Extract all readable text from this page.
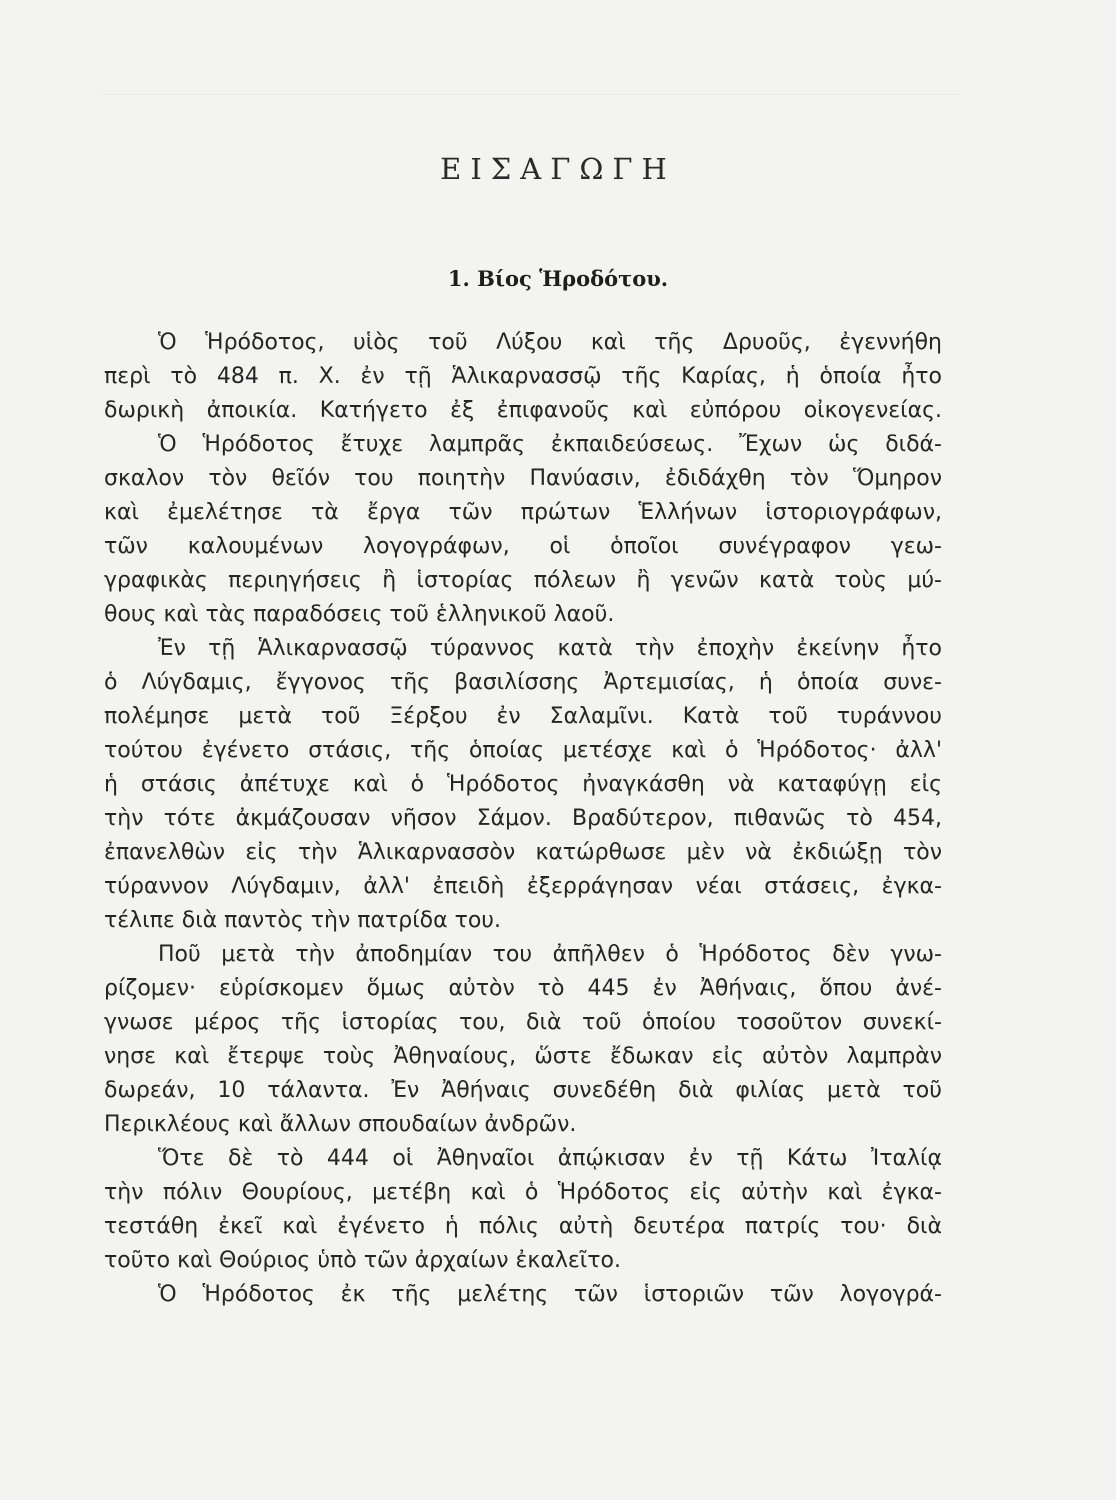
ΕΙΣΑΓΩΓΗ
1. Βίος Ἡροδότου.
Ὁ Ἡρόδοτος, υἱὸς τοῦ Λύξου καὶ τῆς Δρυοῦς, ἐγεννήθη
περὶ τὸ 484 π. Χ. ἐν τῇ Ἁλικαρνασσῷ τῆς Καρίας, ἡ ὁποία ἦτο
δωρικὴ ἀποικία. Κατήγετο ἐξ ἐπιφανοῦς καὶ εὐπόρου οἰκογενείας.
Ὁ Ἡρόδοτος ἔτυχε λαμπρᾶς ἐκπαιδεύσεως. Ἔχων ὡς διδά-
σκαλον τὸν θεῖόν του ποιητὴν Πανύασιν, ἐδιδάχθη τὸν Ὅμηρον
καὶ ἐμελέτησε τὰ ἔργα τῶν πρώτων Ἑλλήνων ἱστοριογράφων,
τῶν καλουμένων λογογράφων, οἱ ὁποῖοι συνέγραφον γεω-
γραφικὰς περιηγήσεις ἢ ἱστορίας πόλεων ἢ γενῶν κατὰ τοὺς μύ-
θους καὶ τὰς παραδόσεις τοῦ ἑλληνικοῦ λαοῦ.
Ἐν τῇ Ἁλικαρνασσῷ τύραννος κατὰ τὴν ἐποχὴν ἐκείνην ἦτο
ὁ Λύγδαμις, ἔγγονος τῆς βασιλίσσης Ἀρτεμισίας, ἡ ὁποία συνε-
πολέμησε μετὰ τοῦ Ξέρξου ἐν Σαλαμῖνι. Κατὰ τοῦ τυράννου
τούτου ἐγένετο στάσις, τῆς ὁποίας μετέσχε καὶ ὁ Ἡρόδοτος· ἀλλ'
ἡ στάσις ἀπέτυχε καὶ ὁ Ἡρόδοτος ἠναγκάσθη νὰ καταφύγῃ εἰς
τὴν τότε ἀκμάζουσαν νῆσον Σάμον. Βραδύτερον, πιθανῶς τὸ 454,
ἐπανελθὼν εἰς τὴν Ἁλικαρνασσὸν κατώρθωσε μὲν νὰ ἐκδιώξῃ τὸν
τύραννον Λύγδαμιν, ἀλλ' ἐπειδὴ ἐξερράγησαν νέαι στάσεις, ἐγκα-
τέλιπε διὰ παντὸς τὴν πατρίδα του.
Ποῦ μετὰ τὴν ἀποδημίαν του ἀπῆλθεν ὁ Ἡρόδοτος δὲν γνω-
ρίζομεν· εὑρίσκομεν ὅμως αὐτὸν τὸ 445 ἐν Ἀθήναις, ὅπου ἀνέ-
γνωσε μέρος τῆς ἱστορίας του, διὰ τοῦ ὁποίου τοσοῦτον συνεκί-
νησε καὶ ἔτερψε τοὺς Ἀθηναίους, ὥστε ἔδωκαν εἰς αὐτὸν λαμπρὰν
δωρεάν, 10 τάλαντα. Ἐν Ἀθήναις συνεδέθη διὰ φιλίας μετὰ τοῦ
Περικλέους καὶ ἄλλων σπουδαίων ἀνδρῶν.
Ὅτε δὲ τὸ 444 οἱ Ἀθηναῖοι ἀπῴκισαν ἐν τῇ Κάτω Ἰταλίᾳ
τὴν πόλιν Θουρίους, μετέβη καὶ ὁ Ἡρόδοτος εἰς αὐτὴν καὶ ἐγκα-
τεστάθη ἐκεῖ καὶ ἐγένετο ἡ πόλις αὐτὴ δευτέρα πατρίς του· διὰ
τοῦτο καὶ Θούριος ὑπὸ τῶν ἀρχαίων ἐκαλεῖτο.
Ὁ Ἡρόδοτος ἐκ τῆς μελέτης τῶν ἱστοριῶν τῶν λογογρά-
